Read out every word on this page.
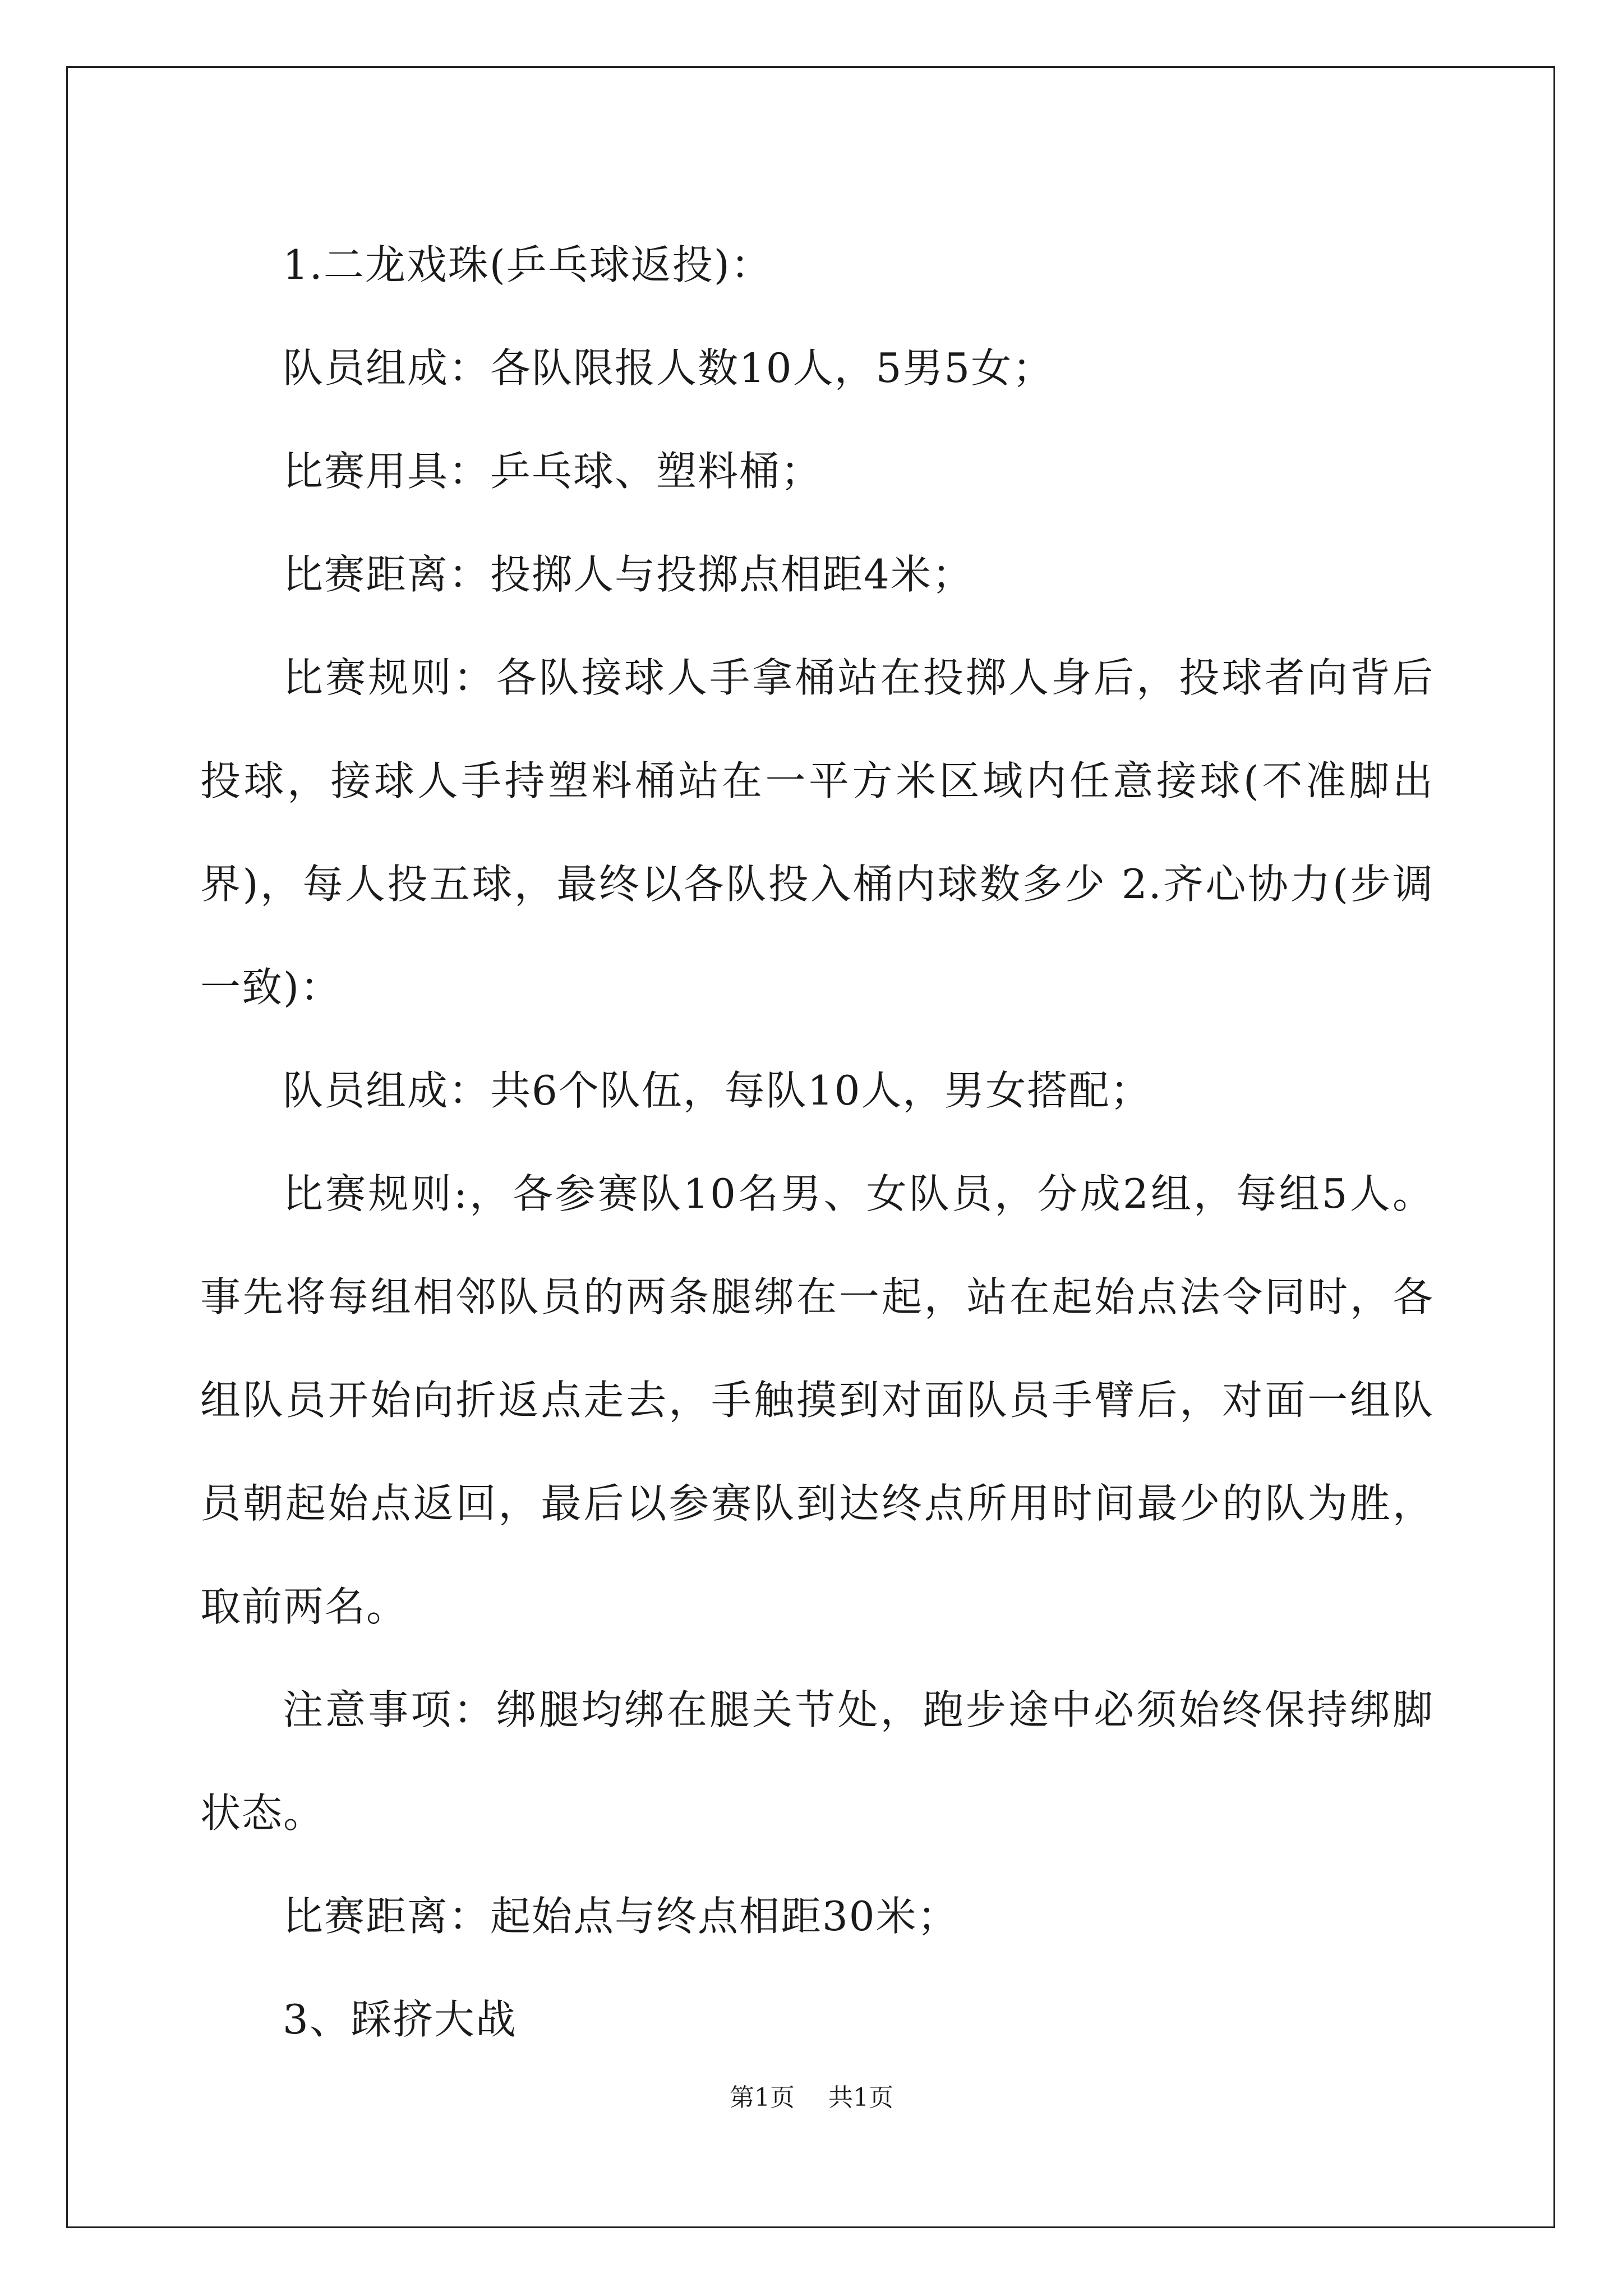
1.二龙戏珠(乒乓球返投)：

队员组成：各队限报人数10人，5男5女；

比赛用具：乒乓球、塑料桶；

比赛距离：投掷人与投掷点相距4米；

比赛规则：各队接球人手拿桶站在投掷人身后，投球者向背后投球，接球人手持塑料桶站在一平方米区域内任意接球(不准脚出界)，每人投五球，最终以各队投入桶内球数多少 2.齐心协力(步调一致)：

队员组成：共6个队伍，每队10人，男女搭配；

比赛规则:，各参赛队10名男、女队员，分成2组，每组5人。事先将每组相邻队员的两条腿绑在一起，站在起始点法令同时，各组队员开始向折返点走去，手触摸到对面队员手臂后，对面一组队员朝起始点返回，最后以参赛队到达终点所用时间最少的队为胜，取前两名。

注意事项：绑腿均绑在腿关节处，跑步途中必须始终保持绑脚状态。

比赛距离：起始点与终点相距30米；

3、踩挤大战

第1页 共1页
